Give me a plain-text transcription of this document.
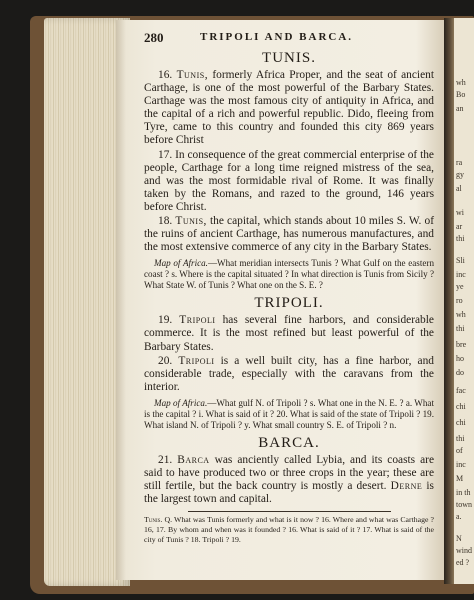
280	TRIPOLI AND BARCA.
TUNIS.

16. Tunis, formerly Africa Proper, and the seat of ancient Carthage, is one of the most powerful of the Barbary States. Carthage was the most famous city of antiquity in Africa, and the capital of a rich and powerful republic. Dido, fleeing from Tyre, came to this country and founded this city 869 years before Christ

17. In consequence of the great commercial enterprise of the people, Carthage for a long time reigned mistress of the sea, and was the most formidable rival of Rome. It was finally taken by the Romans, and razed to the ground, 146 years before Christ.

18. Tunis, the capital, which stands about 10 miles S. W. of the ruins of ancient Carthage, has numerous manufactures, and the most extensive commerce of any city in the Barbary States.

Map of Africa.—What meridian intersects Tunis ? What Gulf on the eastern coast ? s. Where is the capital situated ? In what direction is Tunis from Sicily ? What State W. of Tunis ? What one on the S. E. ?

TRIPOLI.

19. Tripoli has several fine harbors, and considerable commerce. It is the most refined but least powerful of the Barbary States.

20. Tripoli is a well built city, has a fine harbor, and considerable trade, especially with the caravans from the interior.

Map of Africa.—What gulf N. of Tripoli ? s. What one in the N. E. ? a. What is the capital ? i. What is said of it ? 20. What is said of the state of Tripoli ? 19. What island N. of Tripoli ? y. What small country S. E. of Tripoli ? n.

BARCA.

21. Barca was anciently called Lybia, and its coasts are said to have produced two or three crops in the year; these are still fertile, but the back country is mostly a desert. Derne is the largest town and capital.

Tunis. Q. What was Tunis formerly and what is it now ? 16. Where and what was Carthage ? 16, 17. By whom and when was it founded ? 16. What is said of it ? 17. What is said of the city of Tunis ? 18. Tripoli ? 19.

wh
Bo
an
ra
gy
al
wi
ar
thi
Sli
inc
ye
ro
wh
thi
bre
ho
do
fac
chi
chi
thi
of
inc
M
in th
town
a.
N
wind
ed ?
